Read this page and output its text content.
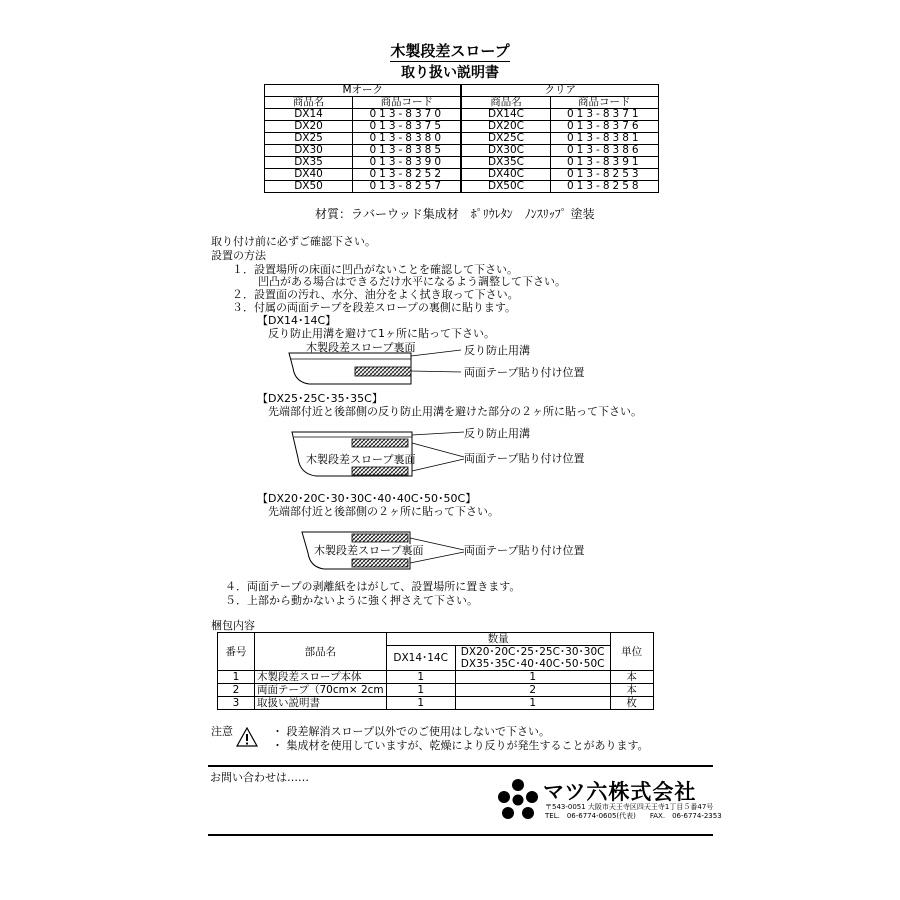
木製段差スロープ
取り扱い説明書
Mオーク		クリア	
商品名	商品コード	商品名	商品コード
DX14	013-8370	DX14C	013-8371
DX20	013-8375	DX20C	013-8376
DX25	013-8380	DX25C	013-8381
DX30	013-8385	DX30C	013-8386
DX35	013-8390	DX35C	013-8391
DX40	013-8252	DX40C	013-8253
DX50	013-8257	DX50C	013-8258
材質：ラバーウッド集成材　ﾎﾟﾘｳﾚﾀﾝ　ﾉﾝｽﾘｯﾌﾟ 塗装
取り付け前に必ずご確認下さい。
設置の方法
１．設置場所の床面に凹凸がないことを確認して下さい。
凹凸がある場合はできるだけ水平になるよう調整して下さい。
２．設置面の汚れ、水分、油分をよく拭き取って下さい。
３．付属の両面テープを段差スロープの裏側に貼ります。
【DX14･14C】
反り防止用溝を避けて1ヶ所に貼って下さい。
木製段差スロープ裏面	反り防止用溝
両面テープ貼り付け位置
【DX25･25C･35･35C】
先端部付近と後部側の反り防止用溝を避けた部分の２ヶ所に貼って下さい。
木製段差スロープ裏面
反り防止用溝
両面テープ貼り付け位置
【DX20･20C･30･30C･40･40C･50･50C】
先端部付近と後部側の２ヶ所に貼って下さい。
木製段差スロープ裏面	両面テープ貼り付け位置
４．両面テープの剥離紙をはがして、設置場所に置きます。
５．上部から動かないように強く押さえて下さい。
梱包内容
番号	部品名	数量		単位
		DX14･14C	DX20･20C･25･25C･30･30C	
			DX35･35C･40･40C･50･50C	
1	木製段差スロープ本体	1	1	本
2	両面テープ（70cm× 2cm	1	2	本
3	取扱い説明書	1	1	枚
注意	・ 段差解消スロープ以外でのご使用はしないで下さい。
・ 集成材を使用していますが、乾燥により反りが発生することがあります。
お問い合わせは……
マツ六株式会社
〒543-0051 大阪市天王寺区四天王寺1丁目５番47号
TEL.　06-6774-0605(代表)　　FAX.　06-6774-2353
